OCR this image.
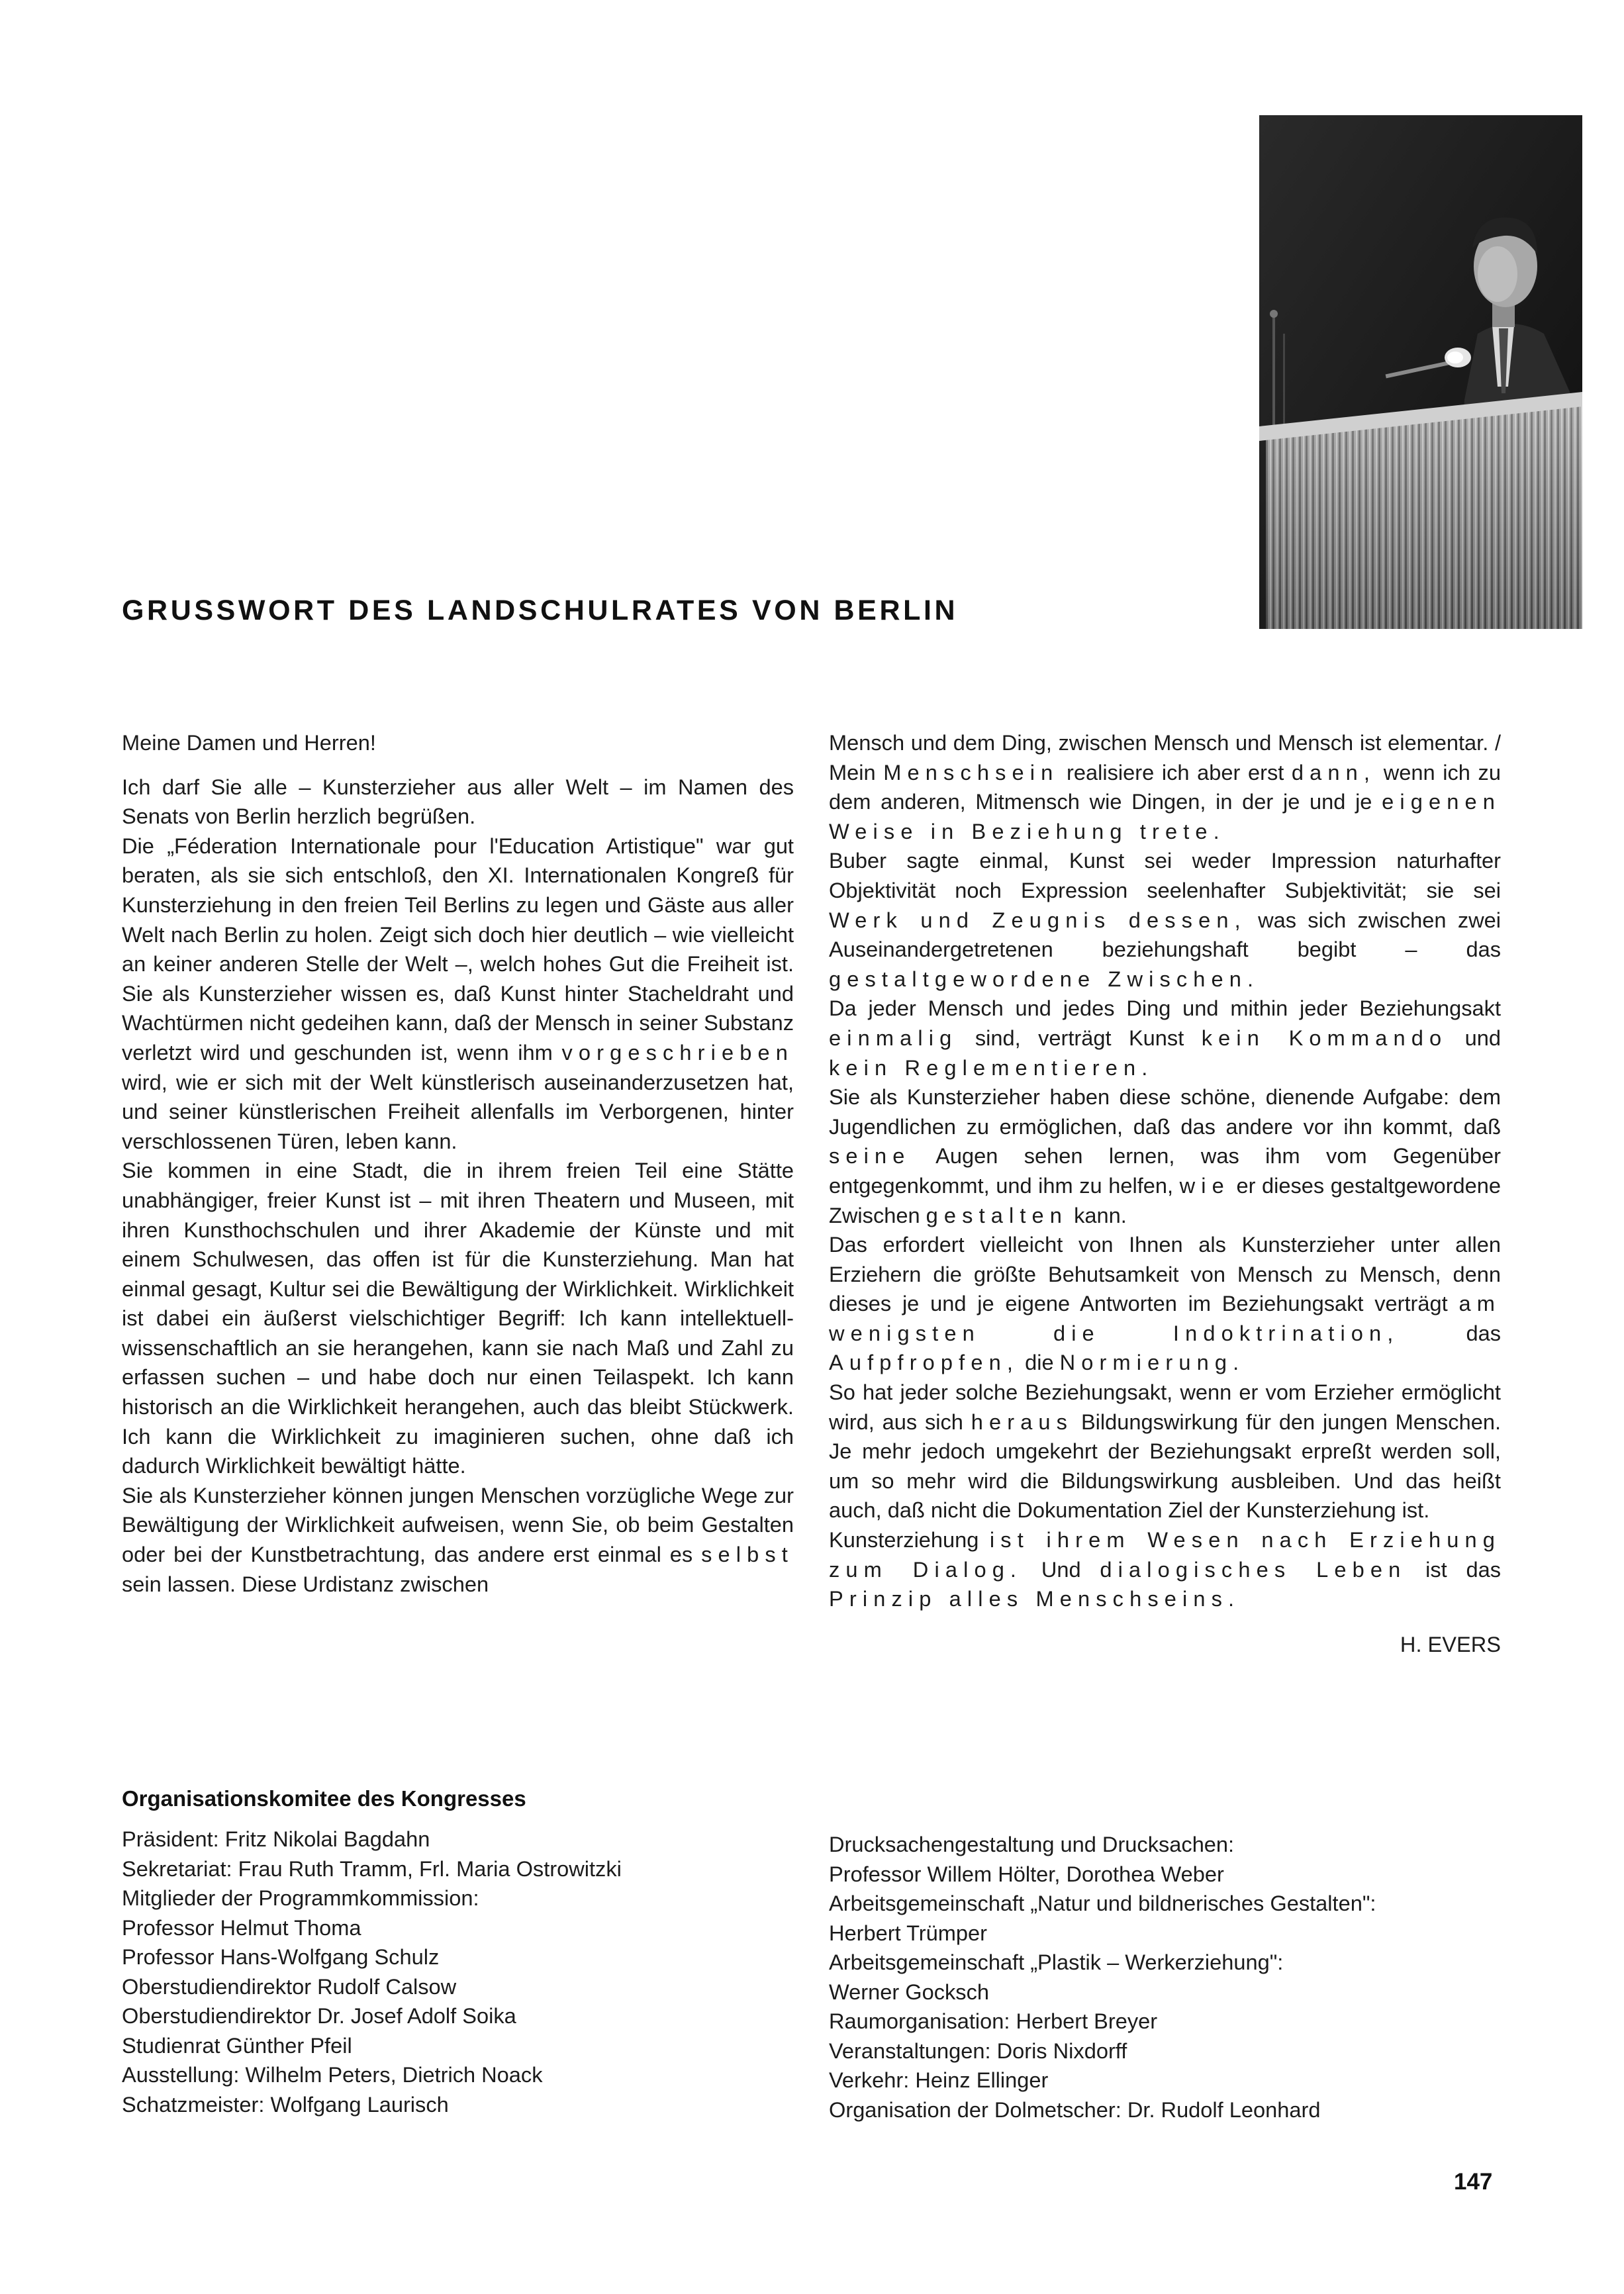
GRUSSWORT DES LANDSCHULRATES VON BERLIN

Meine Damen und Herren!

Ich darf Sie alle – Kunsterzieher aus aller Welt – im Namen des Senats von Berlin herzlich begrüßen.

Die „Féderation Internationale pour l'Education Artistique" war gut beraten, als sie sich entschloß, den XI. Internationalen Kongreß für Kunsterziehung in den freien Teil Berlins zu legen und Gäste aus aller Welt nach Berlin zu holen. Zeigt sich doch hier deutlich – wie vielleicht an keiner anderen Stelle der Welt –, welch hohes Gut die Freiheit ist. Sie als Kunsterzieher wissen es, daß Kunst hinter Stacheldraht und Wachtürmen nicht gedeihen kann, daß der Mensch in seiner Substanz verletzt wird und geschunden ist, wenn ihm vorgeschrieben wird, wie er sich mit der Welt künstlerisch auseinanderzusetzen hat, und seiner künstlerischen Freiheit allenfalls im Verborgenen, hinter verschlossenen Türen, leben kann.

Sie kommen in eine Stadt, die in ihrem freien Teil eine Stätte unabhängiger, freier Kunst ist – mit ihren Theatern und Museen, mit ihren Kunsthochschulen und ihrer Akademie der Künste und mit einem Schulwesen, das offen ist für die Kunsterziehung. Man hat einmal gesagt, Kultur sei die Bewältigung der Wirklichkeit. Wirklichkeit ist dabei ein äußerst vielschichtiger Begriff: Ich kann intellektuell-wissenschaftlich an sie herangehen, kann sie nach Maß und Zahl zu erfassen suchen – und habe doch nur einen Teilaspekt. Ich kann historisch an die Wirklichkeit herangehen, auch das bleibt Stückwerk. Ich kann die Wirklichkeit zu imaginieren suchen, ohne daß ich dadurch Wirklichkeit bewältigt hätte.

Sie als Kunsterzieher können jungen Menschen vorzügliche Wege zur Bewältigung der Wirklichkeit aufweisen, wenn Sie, ob beim Gestalten oder bei der Kunstbetrachtung, das andere erst einmal es selbst sein lassen. Diese Urdistanz zwischen

Mensch und dem Ding, zwischen Mensch und Mensch ist elementar. / Mein Menschsein realisiere ich aber erst dann, wenn ich zu dem anderen, Mitmensch wie Dingen, in der je und je eigenen Weise in Beziehung trete.

Buber sagte einmal, Kunst sei weder Impression naturhafter Objektivität noch Expression seelenhafter Subjektivität; sie sei Werk und Zeugnis dessen, was sich zwischen zwei Auseinandergetretenen beziehungshaft begibt – das gestaltgewordene Zwischen.

Da jeder Mensch und jedes Ding und mithin jeder Beziehungsakt einmalig sind, verträgt Kunst kein Kommando und kein Reglementieren.

Sie als Kunsterzieher haben diese schöne, dienende Aufgabe: dem Jugendlichen zu ermöglichen, daß das andere vor ihn kommt, daß seine Augen sehen lernen, was ihm vom Gegenüber entgegenkommt, und ihm zu helfen, wie er dieses gestaltgewordene Zwischen gestalten kann.

Das erfordert vielleicht von Ihnen als Kunsterzieher unter allen Erziehern die größte Behutsamkeit von Mensch zu Mensch, denn dieses je und je eigene Antworten im Beziehungsakt verträgt am wenigsten die Indoktrination,	das Aufpfropfen, die Normierung.

So hat jeder solche Beziehungsakt, wenn er vom Erzieher ermöglicht wird, aus sich heraus Bildungswirkung für den jungen Menschen. Je mehr jedoch umgekehrt der Beziehungsakt erpreßt werden soll, um so mehr wird die Bildungswirkung ausbleiben. Und das heißt auch, daß nicht die Dokumentation Ziel der Kunsterziehung ist.

Kunsterziehung ist ihrem Wesen nach Erziehung zum Dialog. Und dialogisches Leben ist das Prinzip alles Menschseins.

H. EVERS

Organisationskomitee des Kongresses
Präsident: Fritz Nikolai Bagdahn
Sekretariat: Frau Ruth Tramm, Frl. Maria Ostrowitzki
Mitglieder der Programmkommission:
Professor Helmut Thoma
Professor Hans-Wolfgang Schulz
Oberstudiendirektor Rudolf Calsow
Oberstudiendirektor Dr. Josef Adolf Soika
Studienrat Günther Pfeil
Ausstellung: Wilhelm Peters, Dietrich Noack
Schatzmeister: Wolfgang Laurisch
Drucksachengestaltung und Drucksachen:
Professor Willem Hölter, Dorothea Weber
Arbeitsgemeinschaft „Natur und bildnerisches Gestalten":
Herbert Trümper
Arbeitsgemeinschaft „Plastik – Werkerziehung":
Werner Gocksch
Raumorganisation: Herbert Breyer
Veranstaltungen: Doris Nixdorff
Verkehr: Heinz Ellinger
Organisation der Dolmetscher: Dr. Rudolf Leonhard
147
